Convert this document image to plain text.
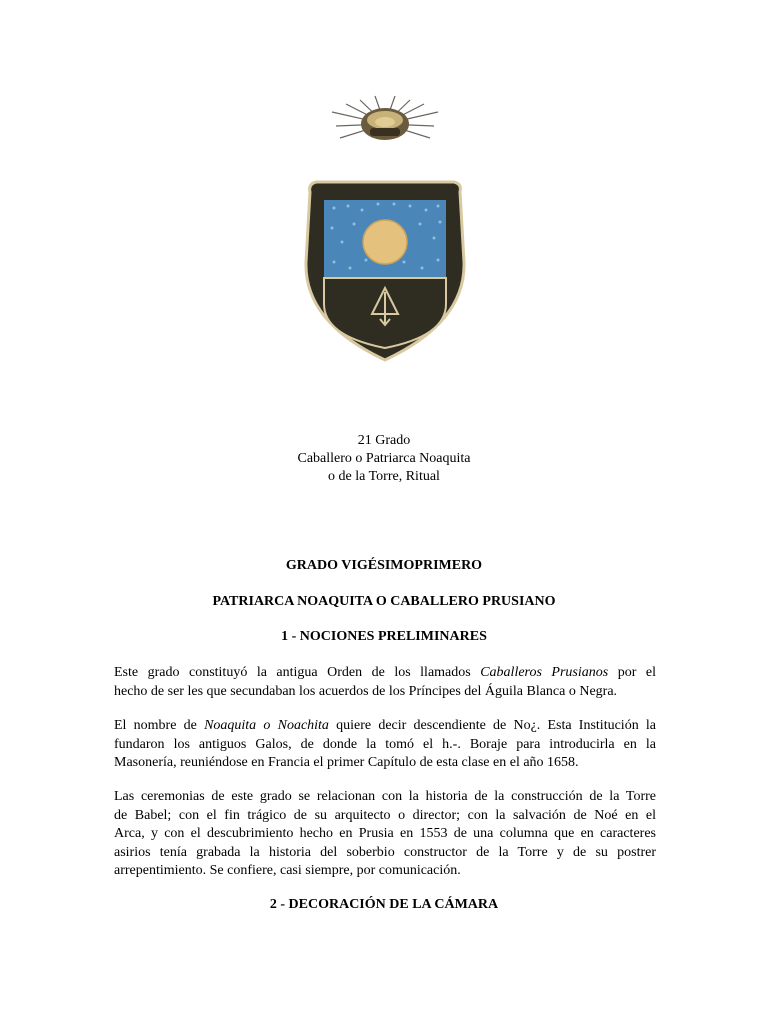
21 Grado
Caballero o Patriarca Noaquita
o de la Torre, Ritual
GRADO VIGÉSIMOPRIMERO
PATRIARCA NOAQUITA O CABALLERO PRUSIANO
1 - NOCIONES PRELIMINARES
Este grado constituyó la antigua Orden de los llamados Caballeros Prusianos por el
hecho de ser les que secundaban los acuerdos de los Príncipes del Águila Blanca o Negra.
El nombre de Noaquita o Noachita quiere decir descendiente de No¿. Esta Institución la
fundaron los antiguos Galos, de donde la tomó el h.-. Boraje para introducirla en la
Masonería, reuniéndose en Francia el primer Capítulo de esta clase en el año 1658.
Las ceremonias de este grado se relacionan con la historia de la construcción de la Torre
de Babel; con el fin trágico de su arquitecto o director; con la salvación de Noé en el
Arca, y con el descubrimiento hecho en Prusia en 1553 de una columna que en caracteres
asirios tenía grabada la historia del soberbio constructor de la Torre y de su postrer
arrepentimiento. Se confiere, casi siempre, por comunicación.
2 - DECORACIÓN DE LA CÁMARA
